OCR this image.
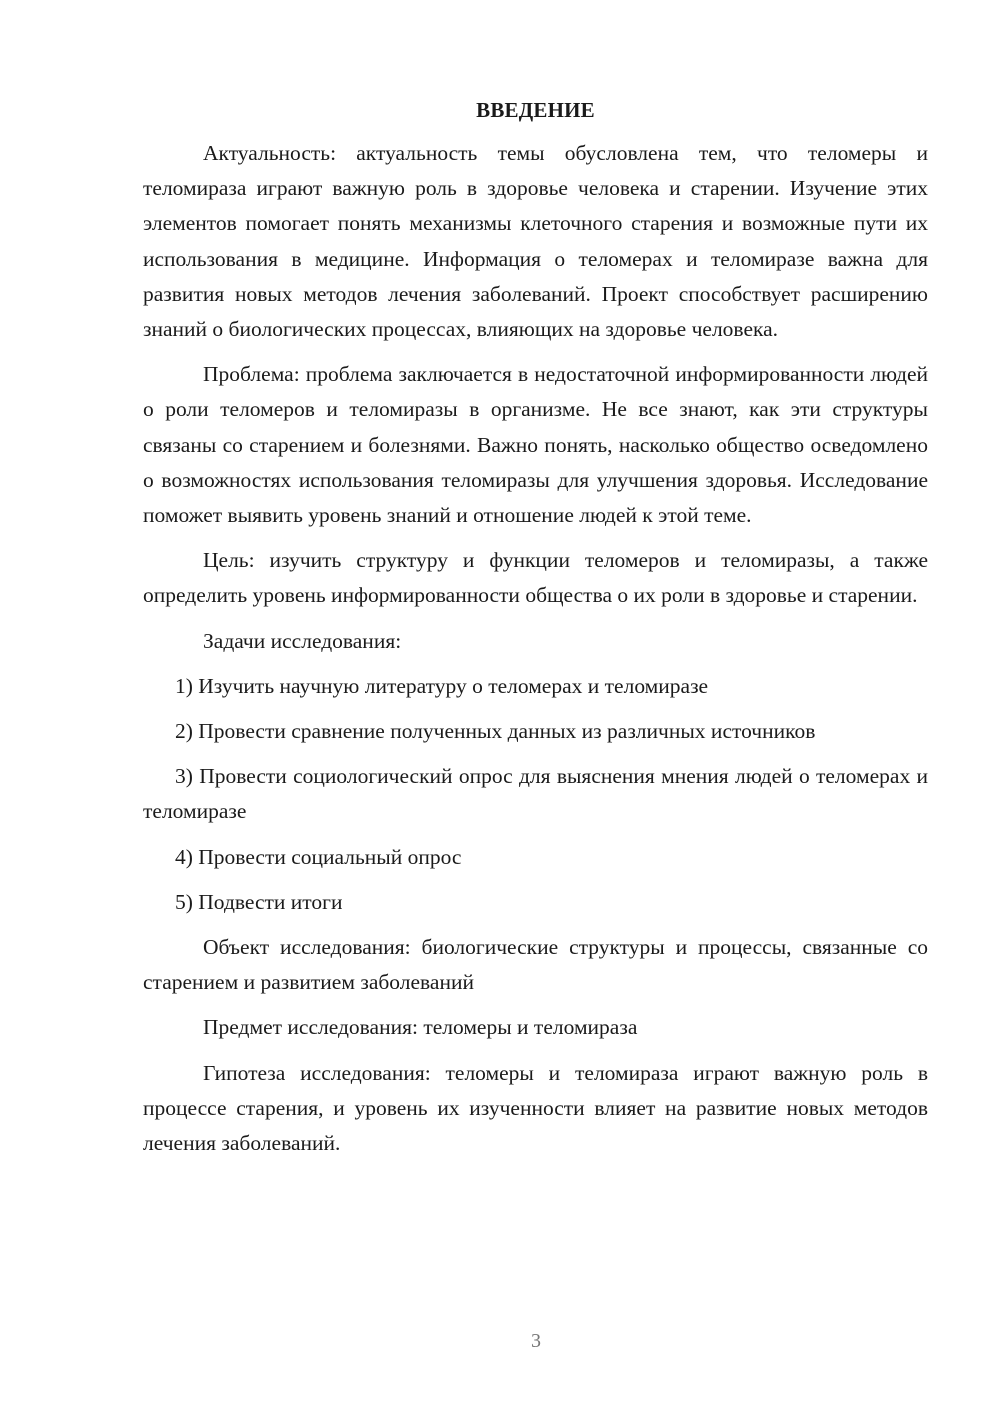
ВВЕДЕНИЕ

Актуальность: актуальность темы обусловлена тем, что теломеры и теломираза играют важную роль в здоровье человека и старении. Изучение этих элементов помогает понять механизмы клеточного старения и возможные пути их использования в медицине. Информация о теломерах и теломиразе важна для развития новых методов лечения заболеваний. Проект способствует расширению знаний о биологических процессах, влияющих на здоровье человека.

Проблема: проблема заключается в недостаточной информированности людей о роли теломеров и теломиразы в организме. Не все знают, как эти структуры связаны со старением и болезнями. Важно понять, насколько общество осведомлено о возможностях использования теломиразы для улучшения здоровья. Исследование поможет выявить уровень знаний и отношение людей к этой теме.

Цель: изучить структуру и функции теломеров и теломиразы, а также определить уровень информированности общества о их роли в здоровье и старении.

Задачи исследования:

1) Изучить научную литературу о теломерах и теломиразе

2) Провести сравнение полученных данных из различных источников

3) Провести социологический опрос для выяснения мнения людей о теломерах и теломиразе

4) Провести социальный опрос

5) Подвести итоги

Объект исследования: биологические структуры и процессы, связанные со старением и развитием заболеваний

Предмет исследования: теломеры и теломираза

Гипотеза исследования: теломеры и теломираза играют важную роль в процессе старения, и уровень их изученности влияет на развитие новых методов лечения заболеваний.

3
